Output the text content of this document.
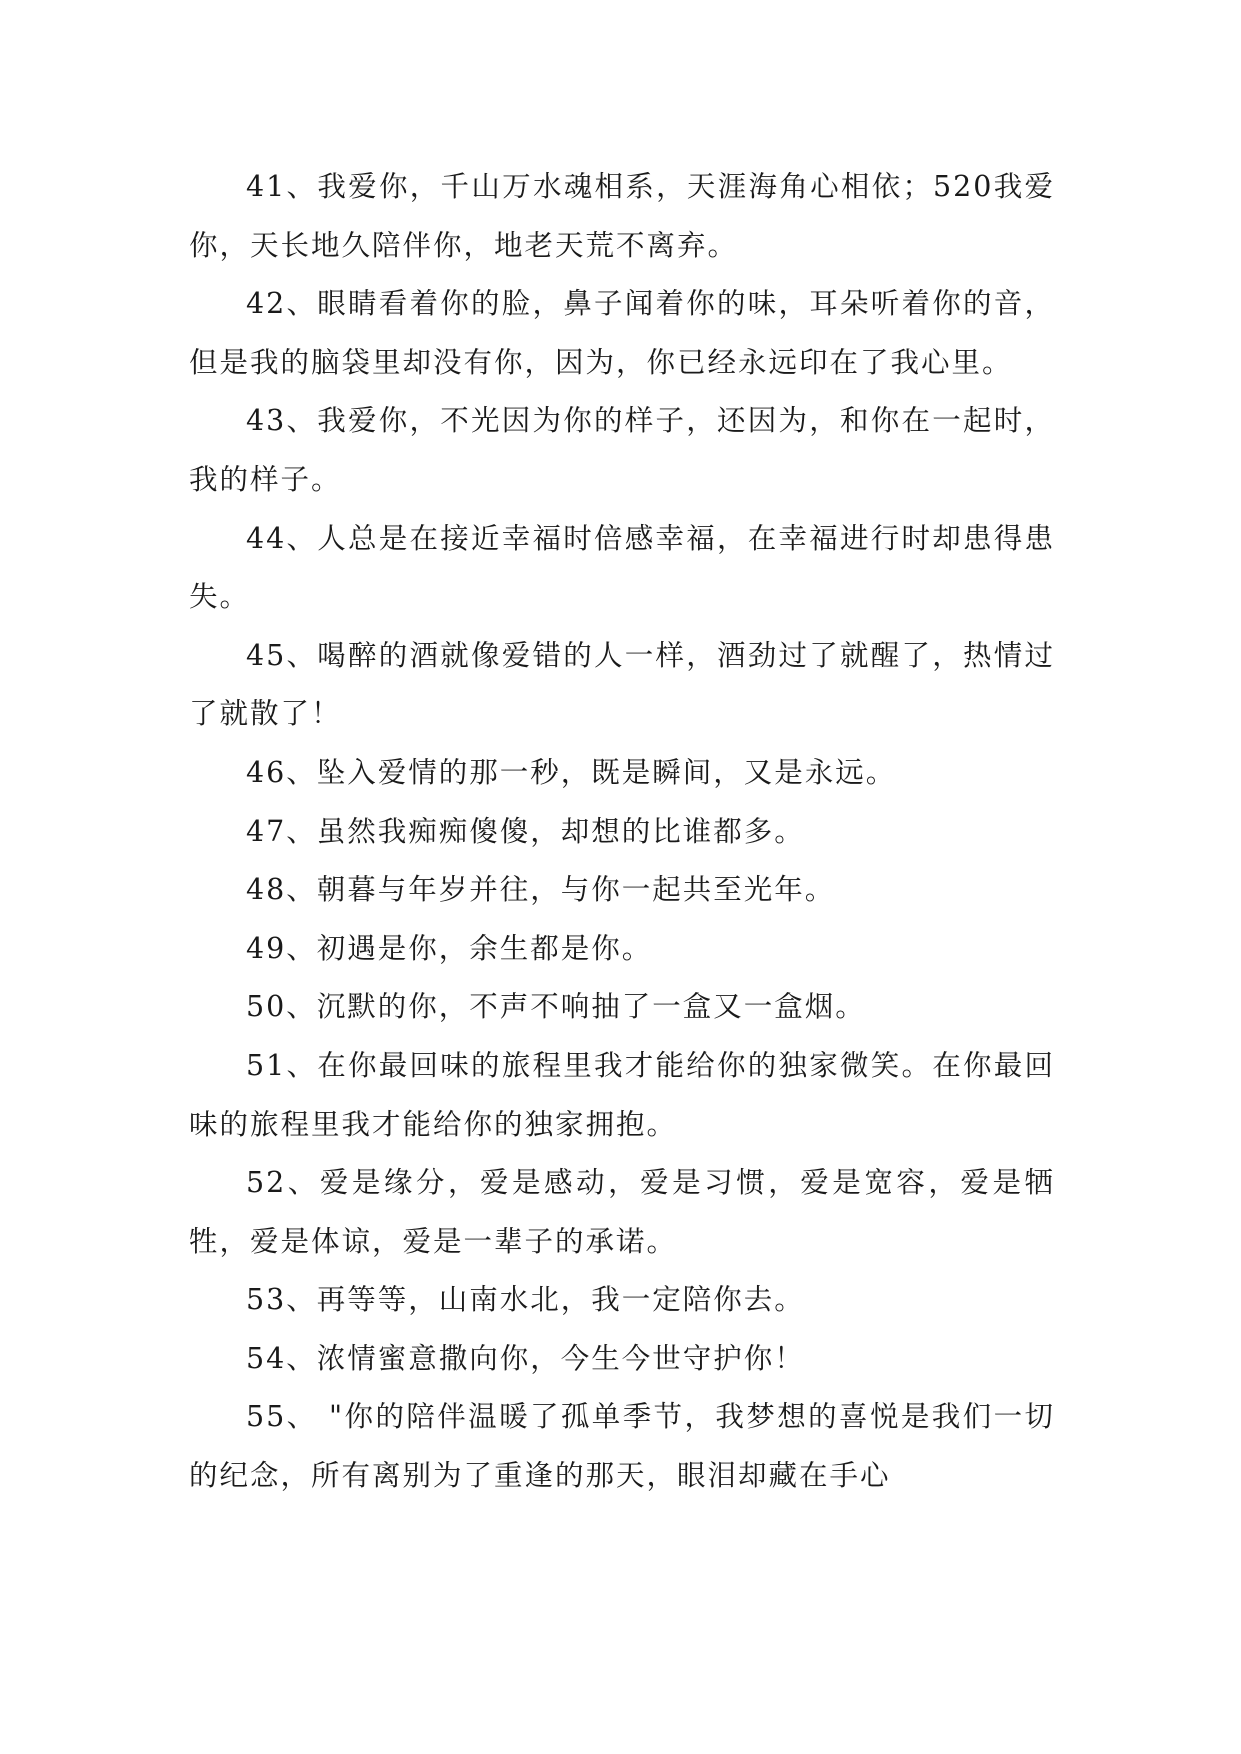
41、我爱你，千山万水魂相系，天涯海角心相依；520我爱你，天长地久陪伴你，地老天荒不离弃。

42、眼睛看着你的脸，鼻子闻着你的味，耳朵听着你的音，但是我的脑袋里却没有你，因为，你已经永远印在了我心里。

43、我爱你，不光因为你的样子，还因为，和你在一起时，我的样子。

44、人总是在接近幸福时倍感幸福，在幸福进行时却患得患失。

45、喝醉的酒就像爱错的人一样，酒劲过了就醒了，热情过了就散了！

46、坠入爱情的那一秒，既是瞬间，又是永远。

47、虽然我痴痴傻傻，却想的比谁都多。

48、朝暮与年岁并往，与你一起共至光年。

49、初遇是你，余生都是你。

50、沉默的你，不声不响抽了一盒又一盒烟。

51、在你最回味的旅程里我才能给你的独家微笑。在你最回味的旅程里我才能给你的独家拥抱。

52、爱是缘分，爱是感动，爱是习惯，爱是宽容，爱是牺牲，爱是体谅，爱是一辈子的承诺。

53、再等等，山南水北，我一定陪你去。

54、浓情蜜意撒向你，今生今世守护你！

55、 "你的陪伴温暖了孤单季节，我梦想的喜悦是我们一切的纪念，所有离别为了重逢的那天，眼泪却藏在手心
